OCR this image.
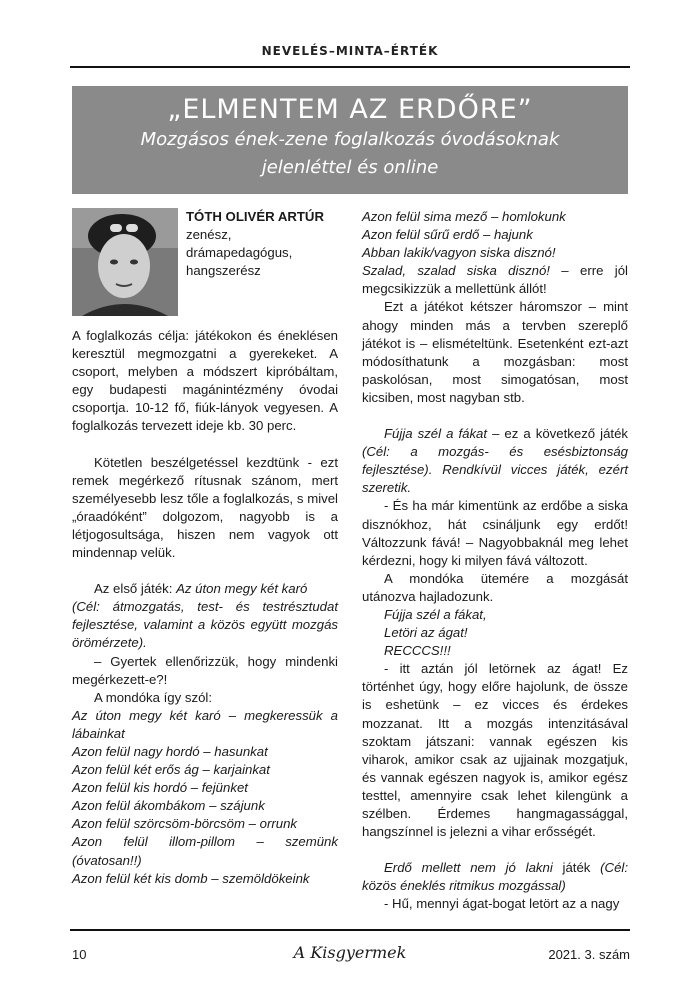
NEVELÉS–MINTA–ÉRTÉK
„ELMENTEM AZ ERDŐRE”
Mozgásos ének-zene foglalkozás óvodásoknak
jelenléttel és online
TÓTH OLIVÉR ARTÚR
zenész,
drámapedagógus,
hangszerész

A foglalkozás célja: játékokon és éneklésen keresztül megmozgatni a gyerekeket. A csoport, melyben a módszert kipróbáltam, egy budapesti magánintézmény óvodai csoportja. 10-12 fő, fiúk-lányok vegyesen. A foglalkozás tervezett ideje kb. 30 perc.

Kötetlen beszélgetéssel kezdtünk - ezt remek megérkező rítusnak szánom, mert személyesebb lesz tőle a foglalkozás, s mivel „óraadóként” dolgozom, nagyobb is a létjogosultsága, hiszen nem vagyok ott mindennap velük.

Az első játék: Az úton megy két karó

(Cél: átmozgatás, test- és testrésztudat fejlesztése, valamint a közös együtt mozgás örömérzete).

– Gyertek ellenőrizzük, hogy mindenki megérkezett-e?!

A mondóka így szól:

Az úton megy két karó – megkeressük a lábainkat

Azon felül nagy hordó – hasunkat

Azon felül két erős ág – karjainkat

Azon felül kis hordó – fejünket

Azon felül ákombákom – szájunk

Azon felül szörcsöm-börcsöm – orrunk

Azon felül illom-pillom – szemünk (óvatosan!!)

Azon felül két kis domb – szemöldökeink

Azon felül sima mező – homlokunk

Azon felül sűrű erdő – hajunk

Abban lakik/vagyon siska disznó!

Szalad, szalad siska disznó! – erre jól megcsikizzük a mellettünk állót!

Ezt a játékot kétszer háromszor – mint ahogy minden más a tervben szereplő játékot is – elismételtünk. Esetenként ezt-azt módosíthatunk a mozgásban: most paskolósan, most simogatósan, most kicsiben, most nagyban stb.

Fújja szél a fákat – ez a következő játék (Cél: a mozgás- és esésbiztonság fejlesztése). Rendkívül vicces játék, ezért szeretik.

- És ha már kimentünk az erdőbe a siska disznókhoz, hát csináljunk egy erdőt! Változzunk fává! – Nagyobbaknál meg lehet kérdezni, hogy ki milyen fává változott.

A mondóka ütemére a mozgását utánozva hajladozunk.

Fújja szél a fákat,

Letöri az ágat!

RECCCS!!!

- itt aztán jól letörnek az ágat! Ez történhet úgy, hogy előre hajolunk, de össze is eshetünk – ez vicces és érdekes mozzanat. Itt a mozgás intenzitásával szoktam játszani: vannak egészen kis viharok, amikor csak az ujjainak mozgatjuk, és vannak egészen nagyok is, amikor egész testtel, amennyire csak lehet kilengünk a szélben. Érdemes hangmagassággal, hangszínnel is jelezni a vihar erősségét.

Erdő mellett nem jó lakni játék (Cél: közös éneklés ritmikus mozgással)

- Hű, mennyi ágat-bogat letört az a nagy

10	A Kisgyermek	2021. 3. szám
